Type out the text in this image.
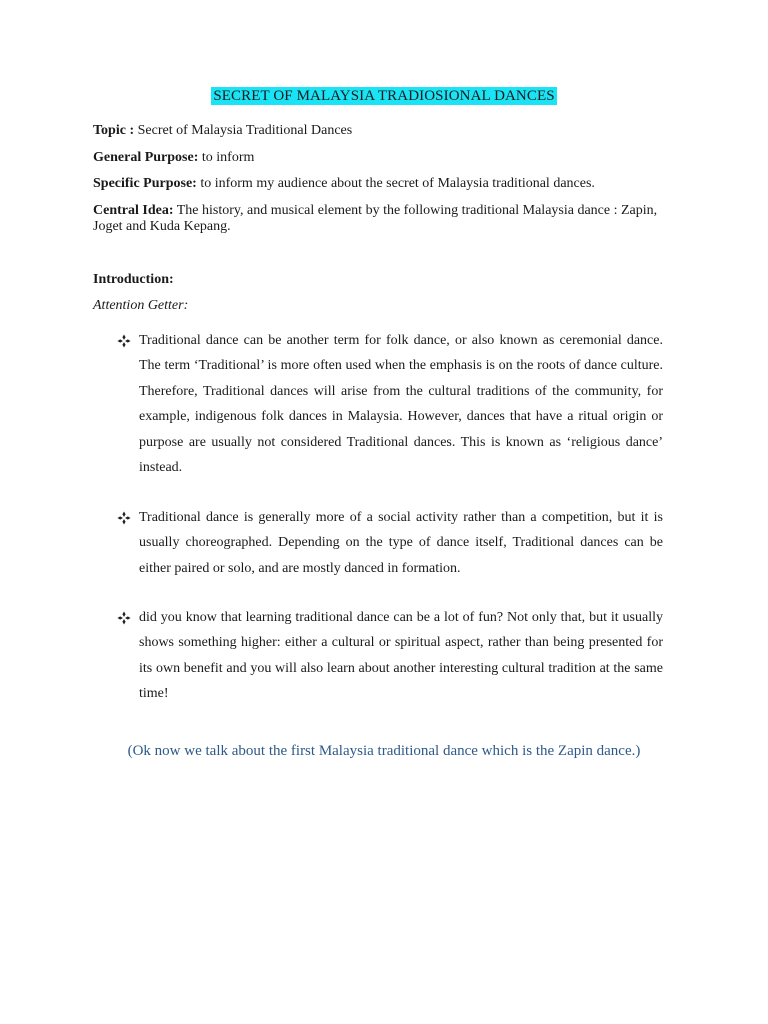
SECRET OF MALAYSIA TRADIOSIONAL DANCES
Topic : Secret of Malaysia Traditional Dances
General Purpose: to inform
Specific Purpose: to inform my audience about the secret of Malaysia traditional dances.
Central Idea: The history, and musical element by the following traditional Malaysia dance : Zapin, Joget and Kuda Kepang.
Introduction:
Attention Getter:
Traditional dance can be another term for folk dance, or also known as ceremonial dance. The term ‘Traditional’ is more often used when the emphasis is on the roots of dance culture. Therefore, Traditional dances will arise from the cultural traditions of the community, for example, indigenous folk dances in Malaysia. However, dances that have a ritual origin or purpose are usually not considered Traditional dances. This is known as ‘religious dance’ instead.
Traditional dance is generally more of a social activity rather than a competition, but it is usually choreographed. Depending on the type of dance itself, Traditional dances can be either paired or solo, and are mostly danced in formation.
did you know that learning traditional dance can be a lot of fun? Not only that, but it usually shows something higher: either a cultural or spiritual aspect, rather than being presented for its own benefit and you will also learn about another interesting cultural tradition at the same time!
(Ok now we talk about the first Malaysia traditional dance which is the Zapin dance.)
